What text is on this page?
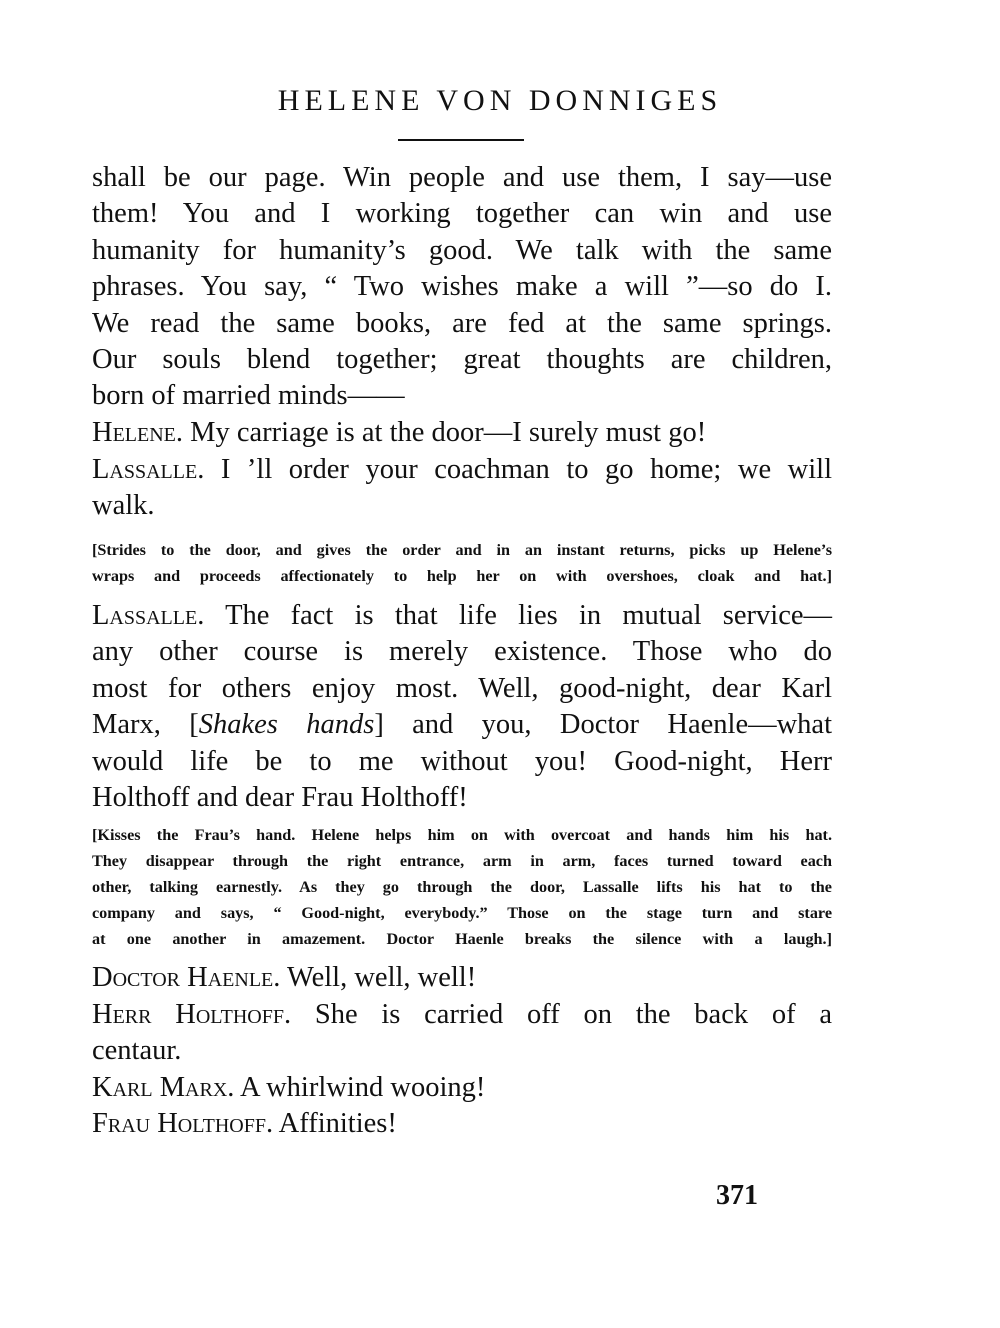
HELENE VON DONNIGES
shall be our page. Win people and use them, I say—use
them! You and I working together can win and use
humanity for humanity’s good. We talk with the same
phrases. You say, “ Two wishes make a will ”—so do I.
We read the same books, are fed at the same springs.
Our souls blend together; great thoughts are children,
born of married minds——
Helene. My carriage is at the door—I surely must go!
Lassalle. I ’ll order your coachman to go home; we will
walk.
[Strides to the door, and gives the order and in an instant returns, picks up Helene’s
wraps and proceeds affectionately to help her on with overshoes, cloak and hat.]
Lassalle. The fact is that life lies in mutual service—
any other course is merely existence. Those who do
most for others enjoy most. Well, good-night, dear Karl
Marx, [Shakes hands] and you, Doctor Haenle—what
would life be to me without you! Good-night, Herr
Holthoff and dear Frau Holthoff!
[Kisses the Frau’s hand. Helene helps him on with overcoat and hands him his hat.
They disappear through the right entrance, arm in arm, faces turned toward each
other, talking earnestly. As they go through the door, Lassalle lifts his hat to the
company and says, “ Good-night, everybody.” Those on the stage turn and stare
at one another in amazement. Doctor Haenle breaks the silence with a laugh.]
Doctor Haenle. Well, well, well!
Herr Holthoff. She is carried off on the back of a
centaur.
Karl Marx. A whirlwind wooing!
Frau Holthoff. Affinities!
371
